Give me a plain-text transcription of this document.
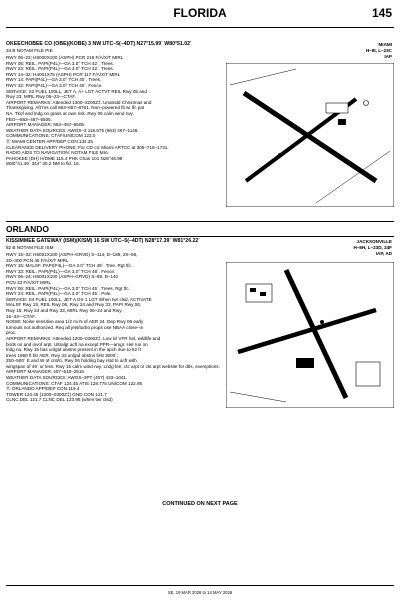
FLORIDA	145
OKEECHOBEE CO (OBE)(KOBE) 3 NW UTC–5(–4DT) N27°15.99´ W80°51.02´
34 B NOTAM FILE PIE
MIAMI
H–8I, L–23C
IAP
RWY 05–23: H5000X100 (ASPH) PCR 218 F/A/X/T MIRL
RWY 05: REIL. PAPI(P4L)—GA 3.0° TCH 42´. Trees.
RWY 23: REIL. PAPI(P4L)—GA 3.0° TCH 42´. Trees.
RWY 14–32: H4001X75 (ASPH) PCR 117 F/A/X/T MIRL
RWY 14: PAPI(P4L)—GA 3.0° TCH 40´. Trees.
RWY 32: PAPI(P4L)—GA 3.0° TCH 40´. Fence.
SERVICE: S2 FUEL 100LL, JET A, A+ LGT ACTVT REIL Rwy 05 and
Rwy 23, MIRL Rwy 05–23—CTAF.
AIRPORT REMARKS: Attended 1300–2200Z‡. Unatndd Christmas and
Thanksgiving. Aft hrs call 863–657–8761. Non–powered flt wi tfc pat
NA. Tkof and lndg on grass at own risk. Rwy 05 calm wind rwy.
FBO—863–467–5505.
AIRPORT MANAGER: 863–467–5505
WEATHER DATA SOURCES: AWOS–3 118.675 (863) 467–1148.
COMMUNICATIONS: CTAF/UNICOM 123.0
Ⓡ MIAMI CENTER APP/DEP CON 132.25
CLEARANCE DELIVERY PHONE: For CD ctc Miami ARTCC at 305–716–1731.
RADIO AIDS TO NAVIGATION: NOTAM FILE MIA.
PAHOKEE (DH) H/DME 115.4 PHK Chan 101 N26°46.96´
W80°41.49´ 344° 30.2 NM to fld. 16.
ORLANDO
KISSIMMEE GATEWAY (ISM)(KISM) 16 SW UTC–5(–4DT) N28°17.39´ W81°26.22´
82 B NOTAM FILE ISM
JACKSONVILLE
H–8H, L–23D, 24F
IAP, AD
RWY 15–33: H6001X100 (ASPH–GRVD) S–114, D–189, 2S–95,
2D–300 PCN 45 F/A/X/T MIRL
RWY 15: MALSF. PAPI(P4L)—GA 3.0° TCH 49´. Tree. Rgt tfc.
RWY 33: REIL. PAPI(P4L)—GA 3.0° TCH 48´. Fence.
RWY 06–24: H5001X100 (ASPH–GRVD) S–89, D–140
PCN 33 F/A/X/T MIRL
RWY 06: REIL. PAPI(P4L)—GA 3.0° TCH 45´. Trees. Rgt tfc.
RWY 24: REIL. PAPI(P4L)—GA 3.0° TCH 45´. Pole.
SERVICE: S4 FUEL 100LL, JET A OX 1 LGT When twr clsd, ACTIVATE
MALSF Rwy 15, REIL Rwy 06, Rwy 24 and Rwy 33, PAPI Rwy 06,
Rwy 15, Rwy 24 and Rwy 33, MIRL Rwy 06–24 and Rwy
15–33—CTAF.
NOISE: Noise sensitive area 1/2 mi N of AER 24. Dep Rwy 06 early
turnouts not authorized. Req all jets/turbo props use NBAA close–in
proc.
AIRPORT REMARKS: Attended 1200–0300Z‡. Low lvl VFR hel, wildlife and
birds on and invof arpt. Ultralgt acft na except PPR—amgr. Hel run on
lndg na. Rwy 15 has unlgtd obstns present in the apch due to 52 ft
trees 1960 ft btr AER. Rwy 33 unlgtd obstns first 3000´;
250–500´ E and W of cntrln. Rwy 06 holding bay rstd to acft with
wingspan of 49´ or less. Rwy 15 calm wind rwy. Lndg fee; ctc arpt or ckt arpt website for dtls, exemptions.
AIRPORT MANAGER: 407–518–2516
WEATHER DATA SOURCES: AWOS–3PT (407) 433–1041.
COMMUNICATIONS: CTAF 124.45 ATIS 128.775 UNICOM 122.95
Ⓡ ORLANDO APP/DEP CON 119.4
TOWER 124.45 (1200–0300Z‡) GND CON 121.7
CLNC DEL 121.7 CLNC DEL 123.95 (when twr clsd)
CONTINUED ON NEXT PAGE
SE, 19 MAR 2026 to 14 MAY 2026
